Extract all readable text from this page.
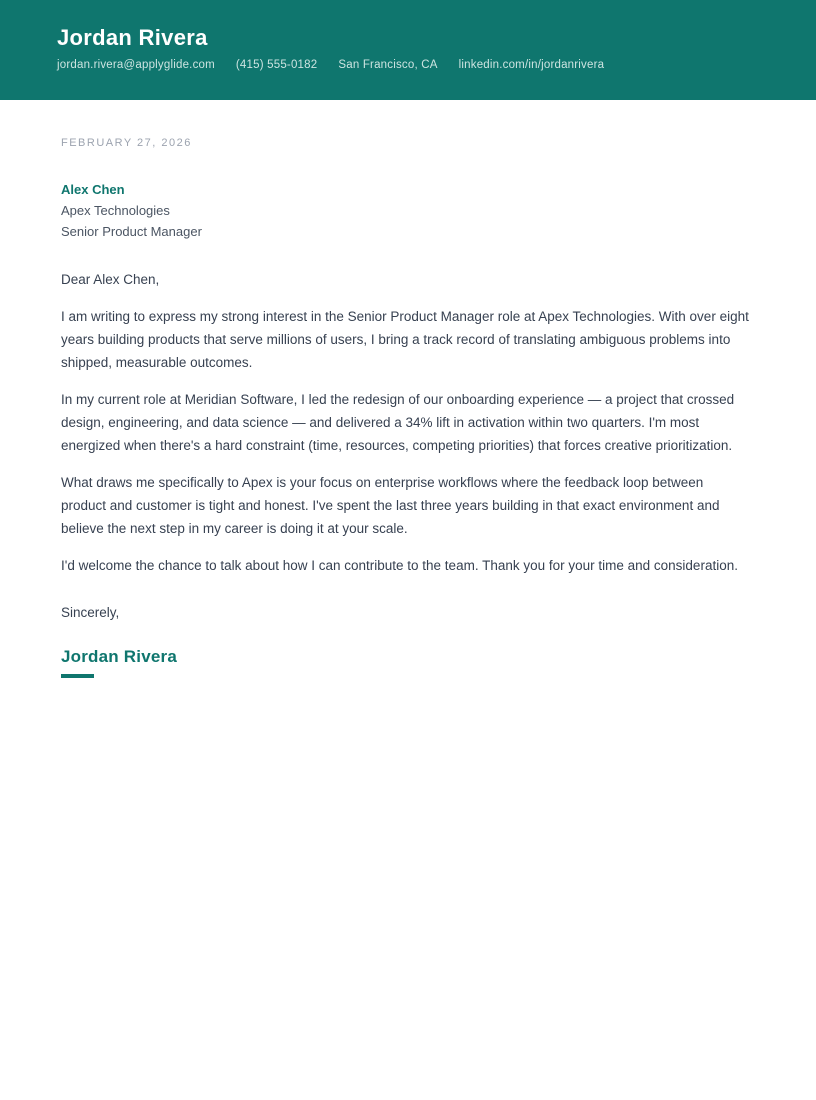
Jordan Rivera
jordan.rivera@applyglide.com (415) 555-0182 San Francisco, CA linkedin.com/in/jordanrivera
FEBRUARY 27, 2026
Alex Chen
Apex Technologies
Senior Product Manager

Dear Alex Chen,

I am writing to express my strong interest in the Senior Product Manager role at Apex Technologies. With over eight years building products that serve millions of users, I bring a track record of translating ambiguous problems into shipped, measurable outcomes.

In my current role at Meridian Software, I led the redesign of our onboarding experience — a project that crossed design, engineering, and data science — and delivered a 34% lift in activation within two quarters. I'm most energized when there's a hard constraint (time, resources, competing priorities) that forces creative prioritization.

What draws me specifically to Apex is your focus on enterprise workflows where the feedback loop between product and customer is tight and honest. I've spent the last three years building in that exact environment and believe the next step in my career is doing it at your scale.

I'd welcome the chance to talk about how I can contribute to the team. Thank you for your time and consideration.

Sincerely,

Jordan Rivera
